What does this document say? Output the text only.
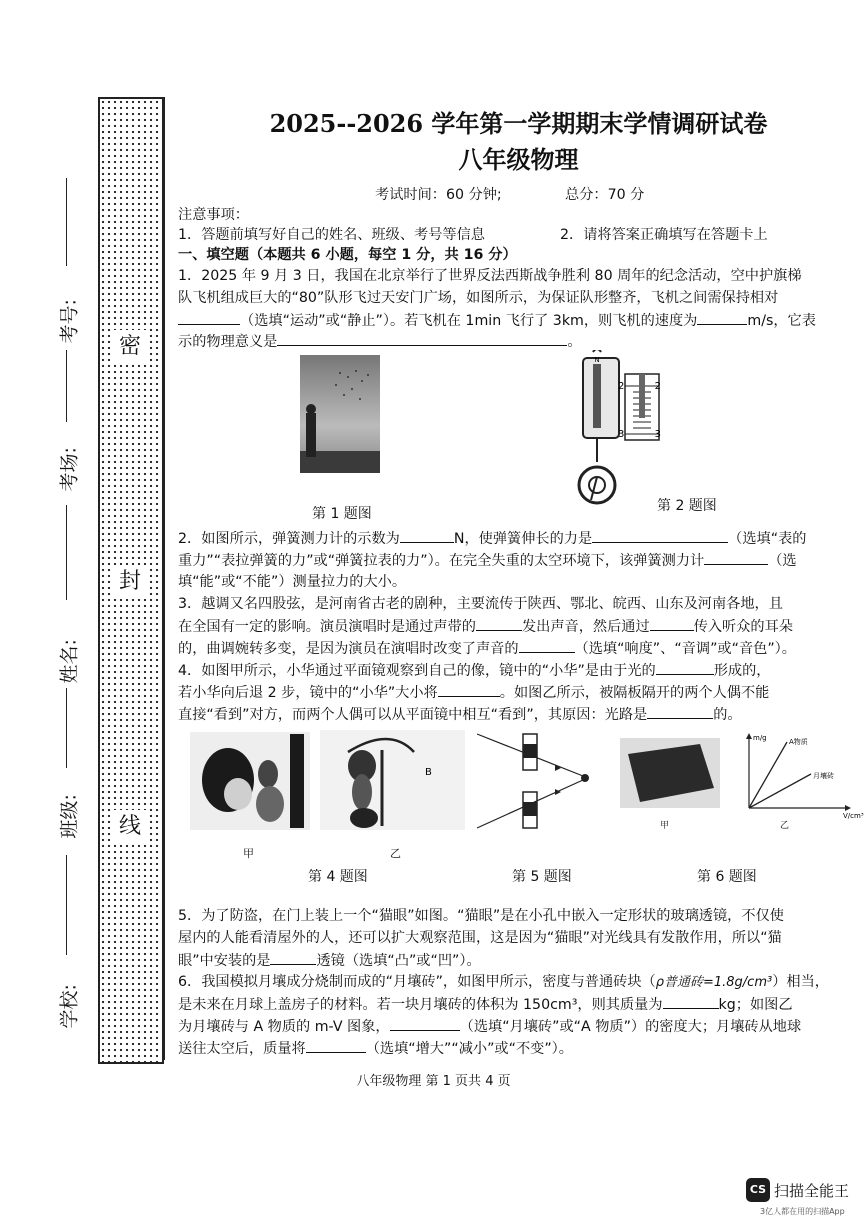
考号:
考场:
姓名:
班级:
学校:
密
封
线
2025--2026 学年第一学期期末学情调研试卷
八年级物理
考试时间：60 分钟;	总分：70 分
注意事项：
1．答题前填写好自己的姓名、班级、考号等信息	2．请将答案正确填写在答题卡上
一、填空题（本题共 6 小题，每空 1 分，共 16 分）
1．2025 年 9 月 3 日，我国在北京举行了世界反法西斯战争胜利 80 周年的纪念活动，空中护旗梯
队飞机组成巨大的“80”队形飞过天安门广场，如图所示，为保证队形整齐，飞机之间需保持相对
（选填“运动”或“静止”）。若飞机在 1min 飞行了 3km，则飞机的速度为	m/s，它表
示的物理意义是	。
第 1 题图
N
2
3
2
3
第 2 题图
2．如图所示，弹簧测力计的示数为	N，使弹簧伸长的力是	（选填“表的
重力”“表拉弹簧的力”或“弹簧拉表的力”）。在完全失重的太空环境下，该弹簧测力计	（选
填“能”或“不能”）测量拉力的大小。
3．越调又名四股弦，是河南省古老的剧种，主要流传于陕西、鄂北、皖西、山东及河南各地，且
在全国有一定的影响。演员演唱时是通过声带的	发出声音，然后通过	传入听众的耳朵
的，曲调婉转多变，是因为演员在演唱时改变了声音的	（选填“响度”、“音调”或“音色”）。
4．如图甲所示，小华通过平面镜观察到自己的像，镜中的“小华”是由于光的	形成的，
若小华向后退 2 步，镜中的“小华”大小将	。如图乙所示，被隔板隔开的两个人偶不能
直接“看到”对方，而两个人偶可以从平面镜中相互“看到”，其原因：光路是	的。
B
甲	乙
第 4 题图	第 5 题图
甲
m/g
V/cm³
A物质
月壤砖
乙
第 6 题图
5．为了防盗，在门上装上一个“猫眼”如图。“猫眼”是在小孔中嵌入一定形状的玻璃透镜，不仅使
屋内的人能看清屋外的人，还可以扩大观察范围，这是因为“猫眼”对光线具有发散作用，所以“猫
眼”中安装的是	透镜（选填“凸”或“凹”）。
6．我国模拟月壤成分烧制而成的“月壤砖”，如图甲所示，密度与普通砖块（ρ普通砖=1.8g/cm³）相当，
是未来在月球上盖房子的材料。若一块月壤砖的体积为 150cm³，则其质量为	kg；如图乙
为月壤砖与 A 物质的 m-V 图象，	（选填“月壤砖”或“A 物质”）的密度大；月壤砖从地球
送往太空后，质量将	（选填“增大”“减小”或“不变”）。
八年级物理 第 1 页共 4 页
CS 扫描全能王
3亿人都在用的扫描App
